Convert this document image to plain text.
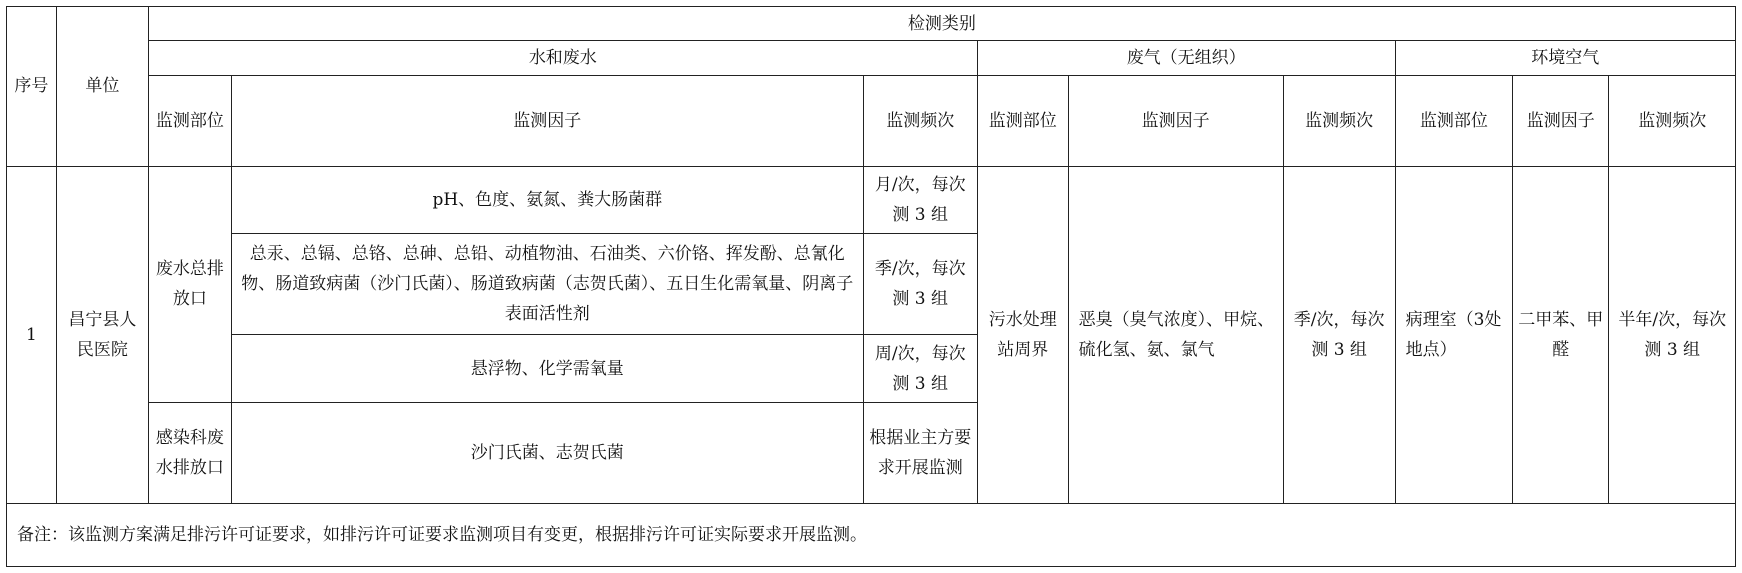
序号	单位	检测类别								
		水和废水			废气（无组织）			环境空气		
		监测部位	监测因子	监测频次	监测部位	监测因子	监测频次	监测部位	监测因子	监测频次
1	昌宁县人民医院	废水总排放口	pH、色度、氨氮、粪大肠菌群	月/次，每次测 3 组	污水处理站周界	恶臭（臭气浓度）、甲烷、硫化氢、氨、氯气	季/次，每次测 3 组	病理室（3处地点）	二甲苯、甲醛	半年/次，每次测 3 组

			总汞、总镉、总铬、总砷、总铅、动植物油、石油类、六价铬、挥发酚、总氰化物、肠道致病菌（沙门氏菌）、肠道致病菌（志贺氏菌）、五日生化需氧量、阴离子表面活性剂	季/次，每次测 3 组						
			悬浮物、化学需氧量	周/次，每次测 3 组						
		感染科废水排放口	沙门氏菌、志贺氏菌	根据业主方要求开展监测						
备注：该监测方案满足排污许可证要求，如排污许可证要求监测项目有变更，根据排污许可证实际要求开展监测。										
